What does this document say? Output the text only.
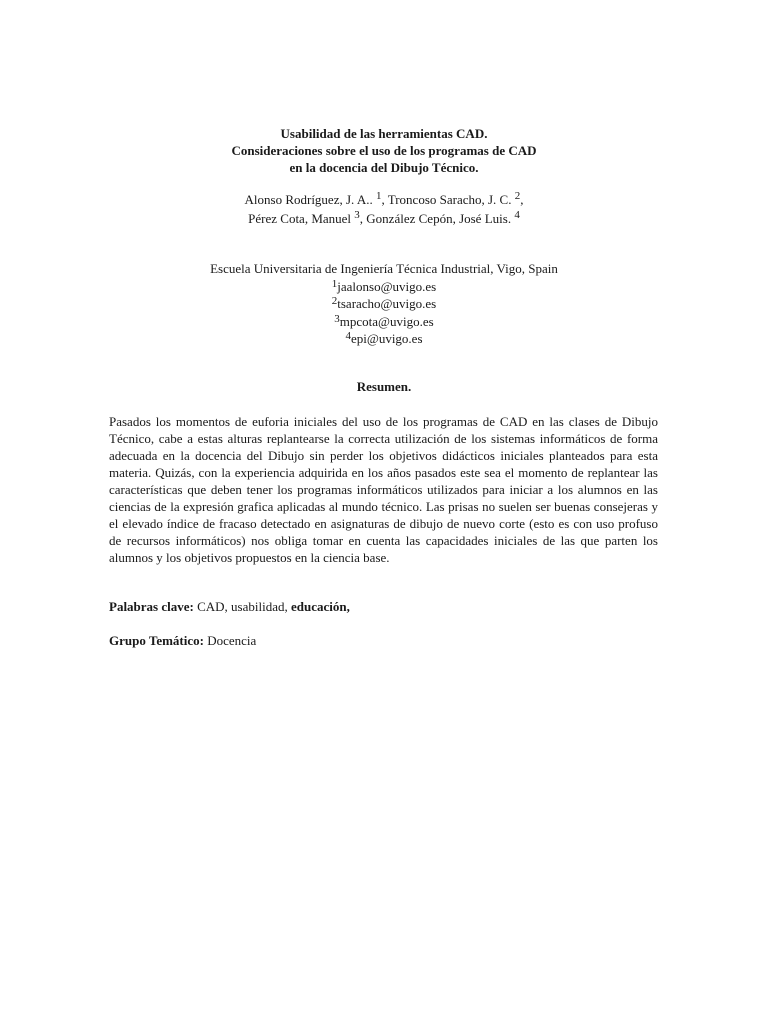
Usabilidad de las herramientas CAD.
Consideraciones sobre el uso de los programas de CAD
en la docencia del Dibujo Técnico.
Alonso Rodríguez, J. A.. $^1$, Troncoso Saracho, J. C. $^2$,
Pérez Cota, Manuel $^3$, González Cepón, José Luis. $^4$
Escuela Universitaria de Ingeniería Técnica Industrial, Vigo, Spain
$^1$jaalonso@uvigo.es
$^2$tsaracho@uvigo.es
$^3$mpcota@uvigo.es
$^4$epi@uvigo.es
Resumen.

Pasados los momentos de euforia iniciales del uso de los programas de CAD en las clases de Dibujo Técnico, cabe a estas alturas replantearse la correcta utilización de los sistemas informáticos de forma adecuada en la docencia del Dibujo sin perder los objetivos didácticos iniciales planteados para esta materia. Quizás, con la experiencia adquirida en los años pasados este sea el momento de replantear las características que deben tener los programas informáticos utilizados para iniciar a los alumnos en las ciencias de la expresión grafica aplicadas al mundo técnico. Las prisas no suelen ser buenas consejeras y el elevado índice de fracaso detectado en asignaturas de dibujo de nuevo corte (esto es con uso profuso de recursos informáticos) nos obliga tomar en cuenta las capacidades iniciales de las que parten los alumnos y los objetivos propuestos en la ciencia base.

Palabras clave: CAD, usabilidad, educación,
Grupo Temático: Docencia
